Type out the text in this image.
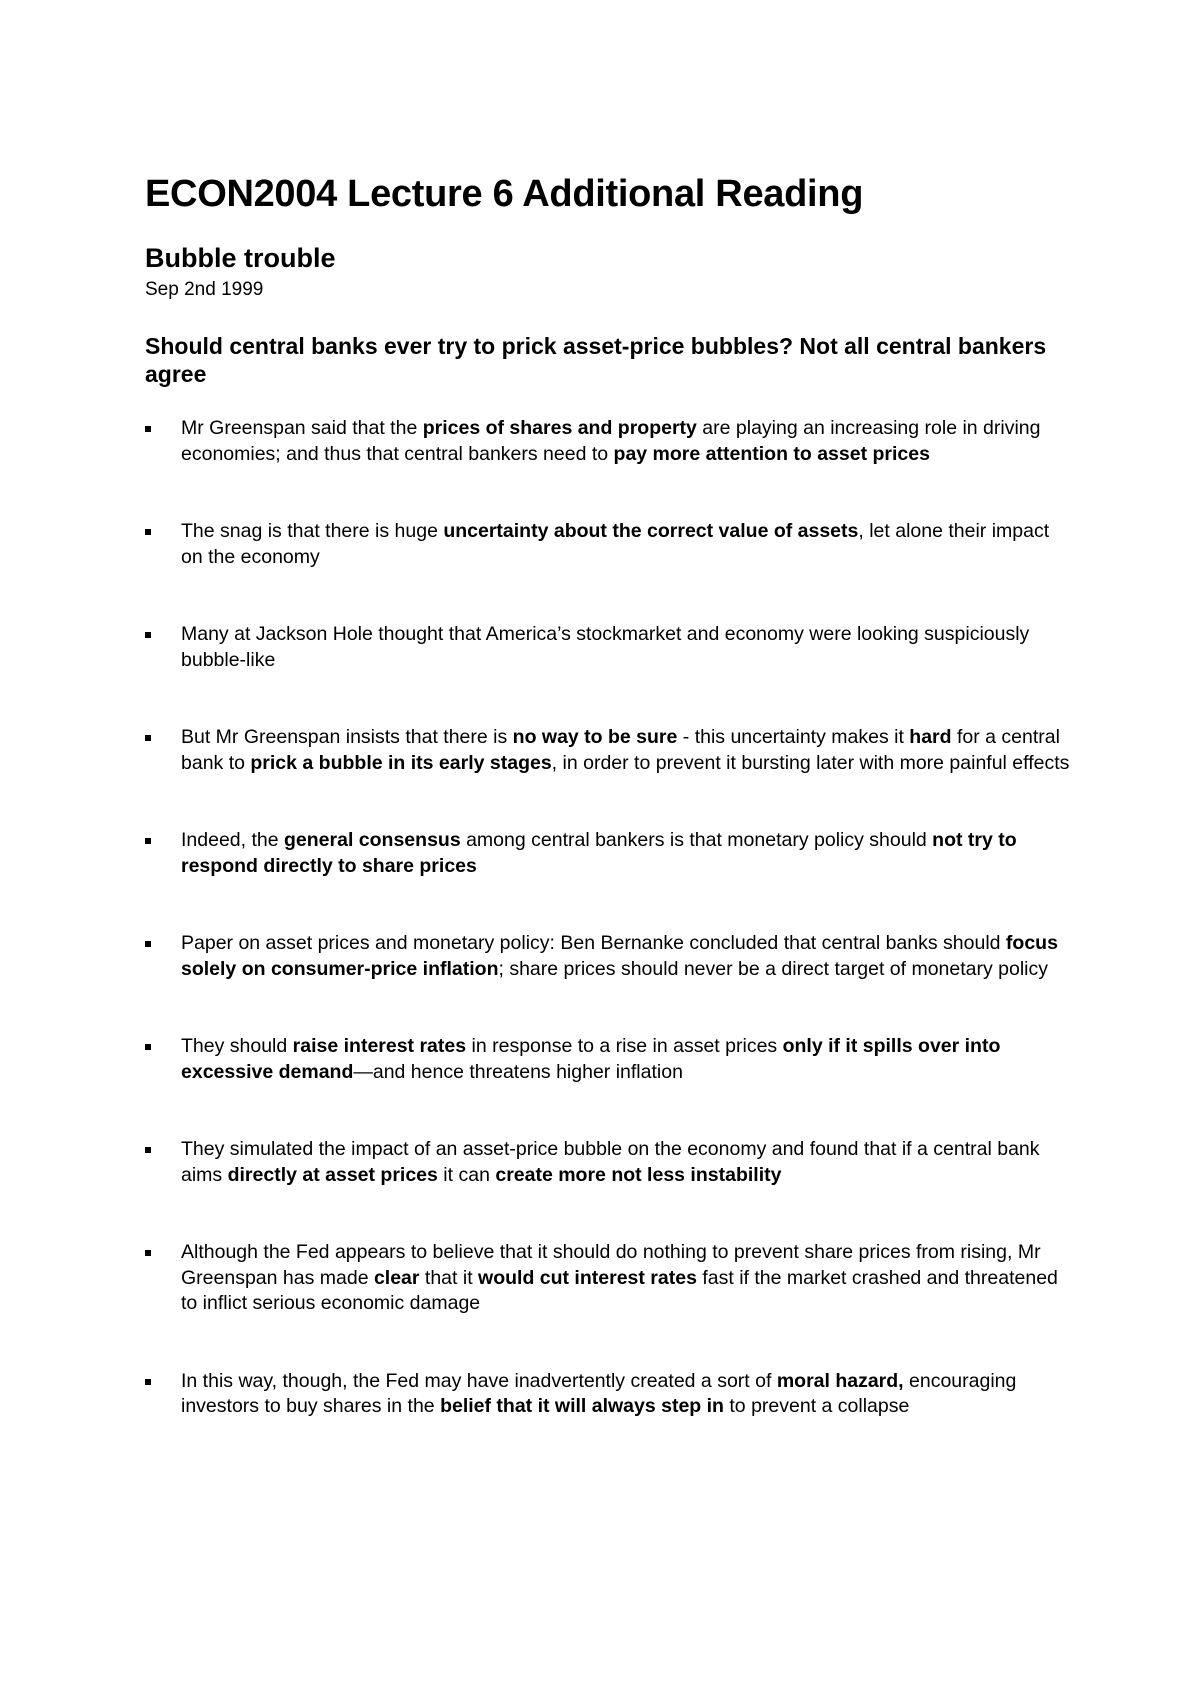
ECON2004 Lecture 6 Additional Reading
Bubble trouble
Sep 2nd 1999
Should central banks ever try to prick asset-price bubbles? Not all central bankers agree
Mr Greenspan said that the prices of shares and property are playing an increasing role in driving economies; and thus that central bankers need to pay more attention to asset prices
The snag is that there is huge uncertainty about the correct value of assets, let alone their impact on the economy
Many at Jackson Hole thought that America’s stockmarket and economy were looking suspiciously bubble-like
But Mr Greenspan insists that there is no way to be sure - this uncertainty makes it hard for a central bank to prick a bubble in its early stages, in order to prevent it bursting later with more painful effects
Indeed, the general consensus among central bankers is that monetary policy should not try to respond directly to share prices
Paper on asset prices and monetary policy: Ben Bernanke concluded that central banks should focus solely on consumer-price inflation; share prices should never be a direct target of monetary policy
They should raise interest rates in response to a rise in asset prices only if it spills over into excessive demand—and hence threatens higher inflation
They simulated the impact of an asset-price bubble on the economy and found that if a central bank aims directly at asset prices it can create more not less instability
Although the Fed appears to believe that it should do nothing to prevent share prices from rising, Mr Greenspan has made clear that it would cut interest rates fast if the market crashed and threatened to inflict serious economic damage
In this way, though, the Fed may have inadvertently created a sort of moral hazard, encouraging investors to buy shares in the belief that it will always step in to prevent a collapse
